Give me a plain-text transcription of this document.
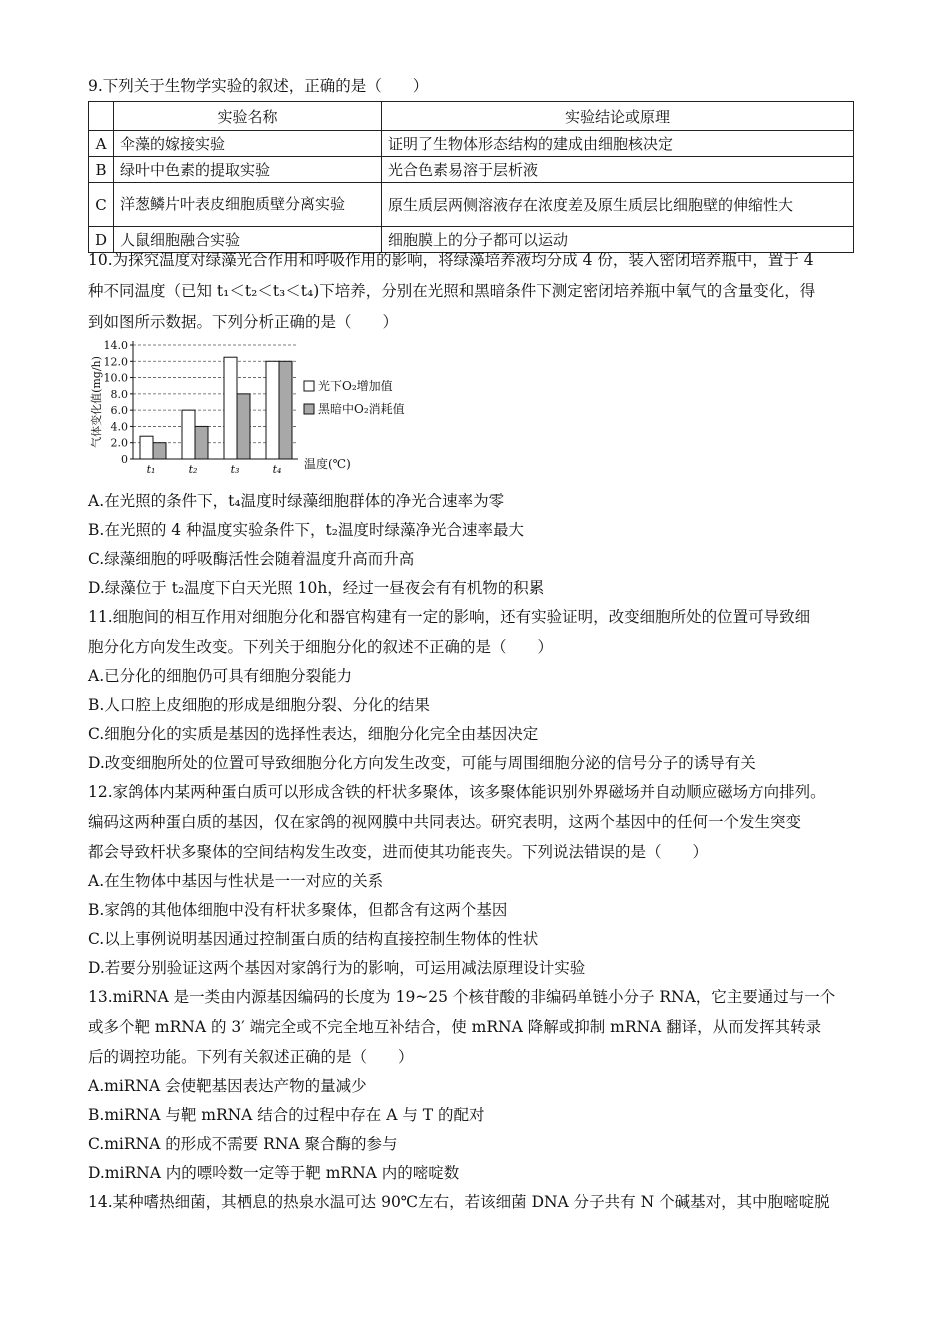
9.下列关于生物学实验的叙述，正确的是（　　）
	实验名称	实验结论或原理
A	伞藻的嫁接实验	证明了生物体形态结构的建成由细胞核决定
B	绿叶中色素的提取实验	光合色素易溶于层析液
C	洋葱鳞片叶表皮细胞质壁分离实验	原生质层两侧溶液存在浓度差及原生质层比细胞壁的伸缩性大
D	人鼠细胞融合实验	细胞膜上的分子都可以运动
10.为探究温度对绿藻光合作用和呼吸作用的影响，将绿藻培养液均分成 4 份，装入密闭培养瓶中，置于 4
种不同温度（已知 t₁＜t₂＜t₃＜t₄)下培养，分别在光照和黑暗条件下测定密闭培养瓶中氧气的含量变化，得
到如图所示数据。下列分析正确的是（　　）
0
2.0
4.0
6.0
8.0
10.0
12.0
14.0
t₁	t₂	t₃	t₄
气体变化值(mg/h)
温度(℃)
光下O₂增加值
黑暗中O₂消耗值
A.在光照的条件下，t₄温度时绿藻细胞群体的净光合速率为零
B.在光照的 4 种温度实验条件下，t₂温度时绿藻净光合速率最大
C.绿藻细胞的呼吸酶活性会随着温度升高而升高
D.绿藻位于 t₂温度下白天光照 10h，经过一昼夜会有有机物的积累
11.细胞间的相互作用对细胞分化和器官构建有一定的影响，还有实验证明，改变细胞所处的位置可导致细
胞分化方向发生改变。下列关于细胞分化的叙述不正确的是（　　）
A.已分化的细胞仍可具有细胞分裂能力
B.人口腔上皮细胞的形成是细胞分裂、分化的结果
C.细胞分化的实质是基因的选择性表达，细胞分化完全由基因决定
D.改变细胞所处的位置可导致细胞分化方向发生改变，可能与周围细胞分泌的信号分子的诱导有关
12.家鸽体内某两种蛋白质可以形成含铁的杆状多聚体，该多聚体能识别外界磁场并自动顺应磁场方向排列。
编码这两种蛋白质的基因，仅在家鸽的视网膜中共同表达。研究表明，这两个基因中的任何一个发生突变
都会导致杆状多聚体的空间结构发生改变，进而使其功能丧失。下列说法错误的是（　　）
A.在生物体中基因与性状是一一对应的关系
B.家鸽的其他体细胞中没有杆状多聚体，但都含有这两个基因
C.以上事例说明基因通过控制蛋白质的结构直接控制生物体的性状
D.若要分别验证这两个基因对家鸽行为的影响，可运用减法原理设计实验
13.miRNA 是一类由内源基因编码的长度为 19~25 个核苷酸的非编码单链小分子 RNA，它主要通过与一个
或多个靶 mRNA 的 3′ 端完全或不完全地互补结合，使 mRNA 降解或抑制 mRNA 翻译，从而发挥其转录
后的调控功能。下列有关叙述正确的是（　　）
A.miRNA 会使靶基因表达产物的量减少
B.miRNA 与靶 mRNA 结合的过程中存在 A 与 T 的配对
C.miRNA 的形成不需要 RNA 聚合酶的参与
D.miRNA 内的嘌呤数一定等于靶 mRNA 内的嘧啶数
14.某种嗜热细菌，其栖息的热泉水温可达 90℃左右，若该细菌 DNA 分子共有 N 个碱基对，其中胞嘧啶脱
